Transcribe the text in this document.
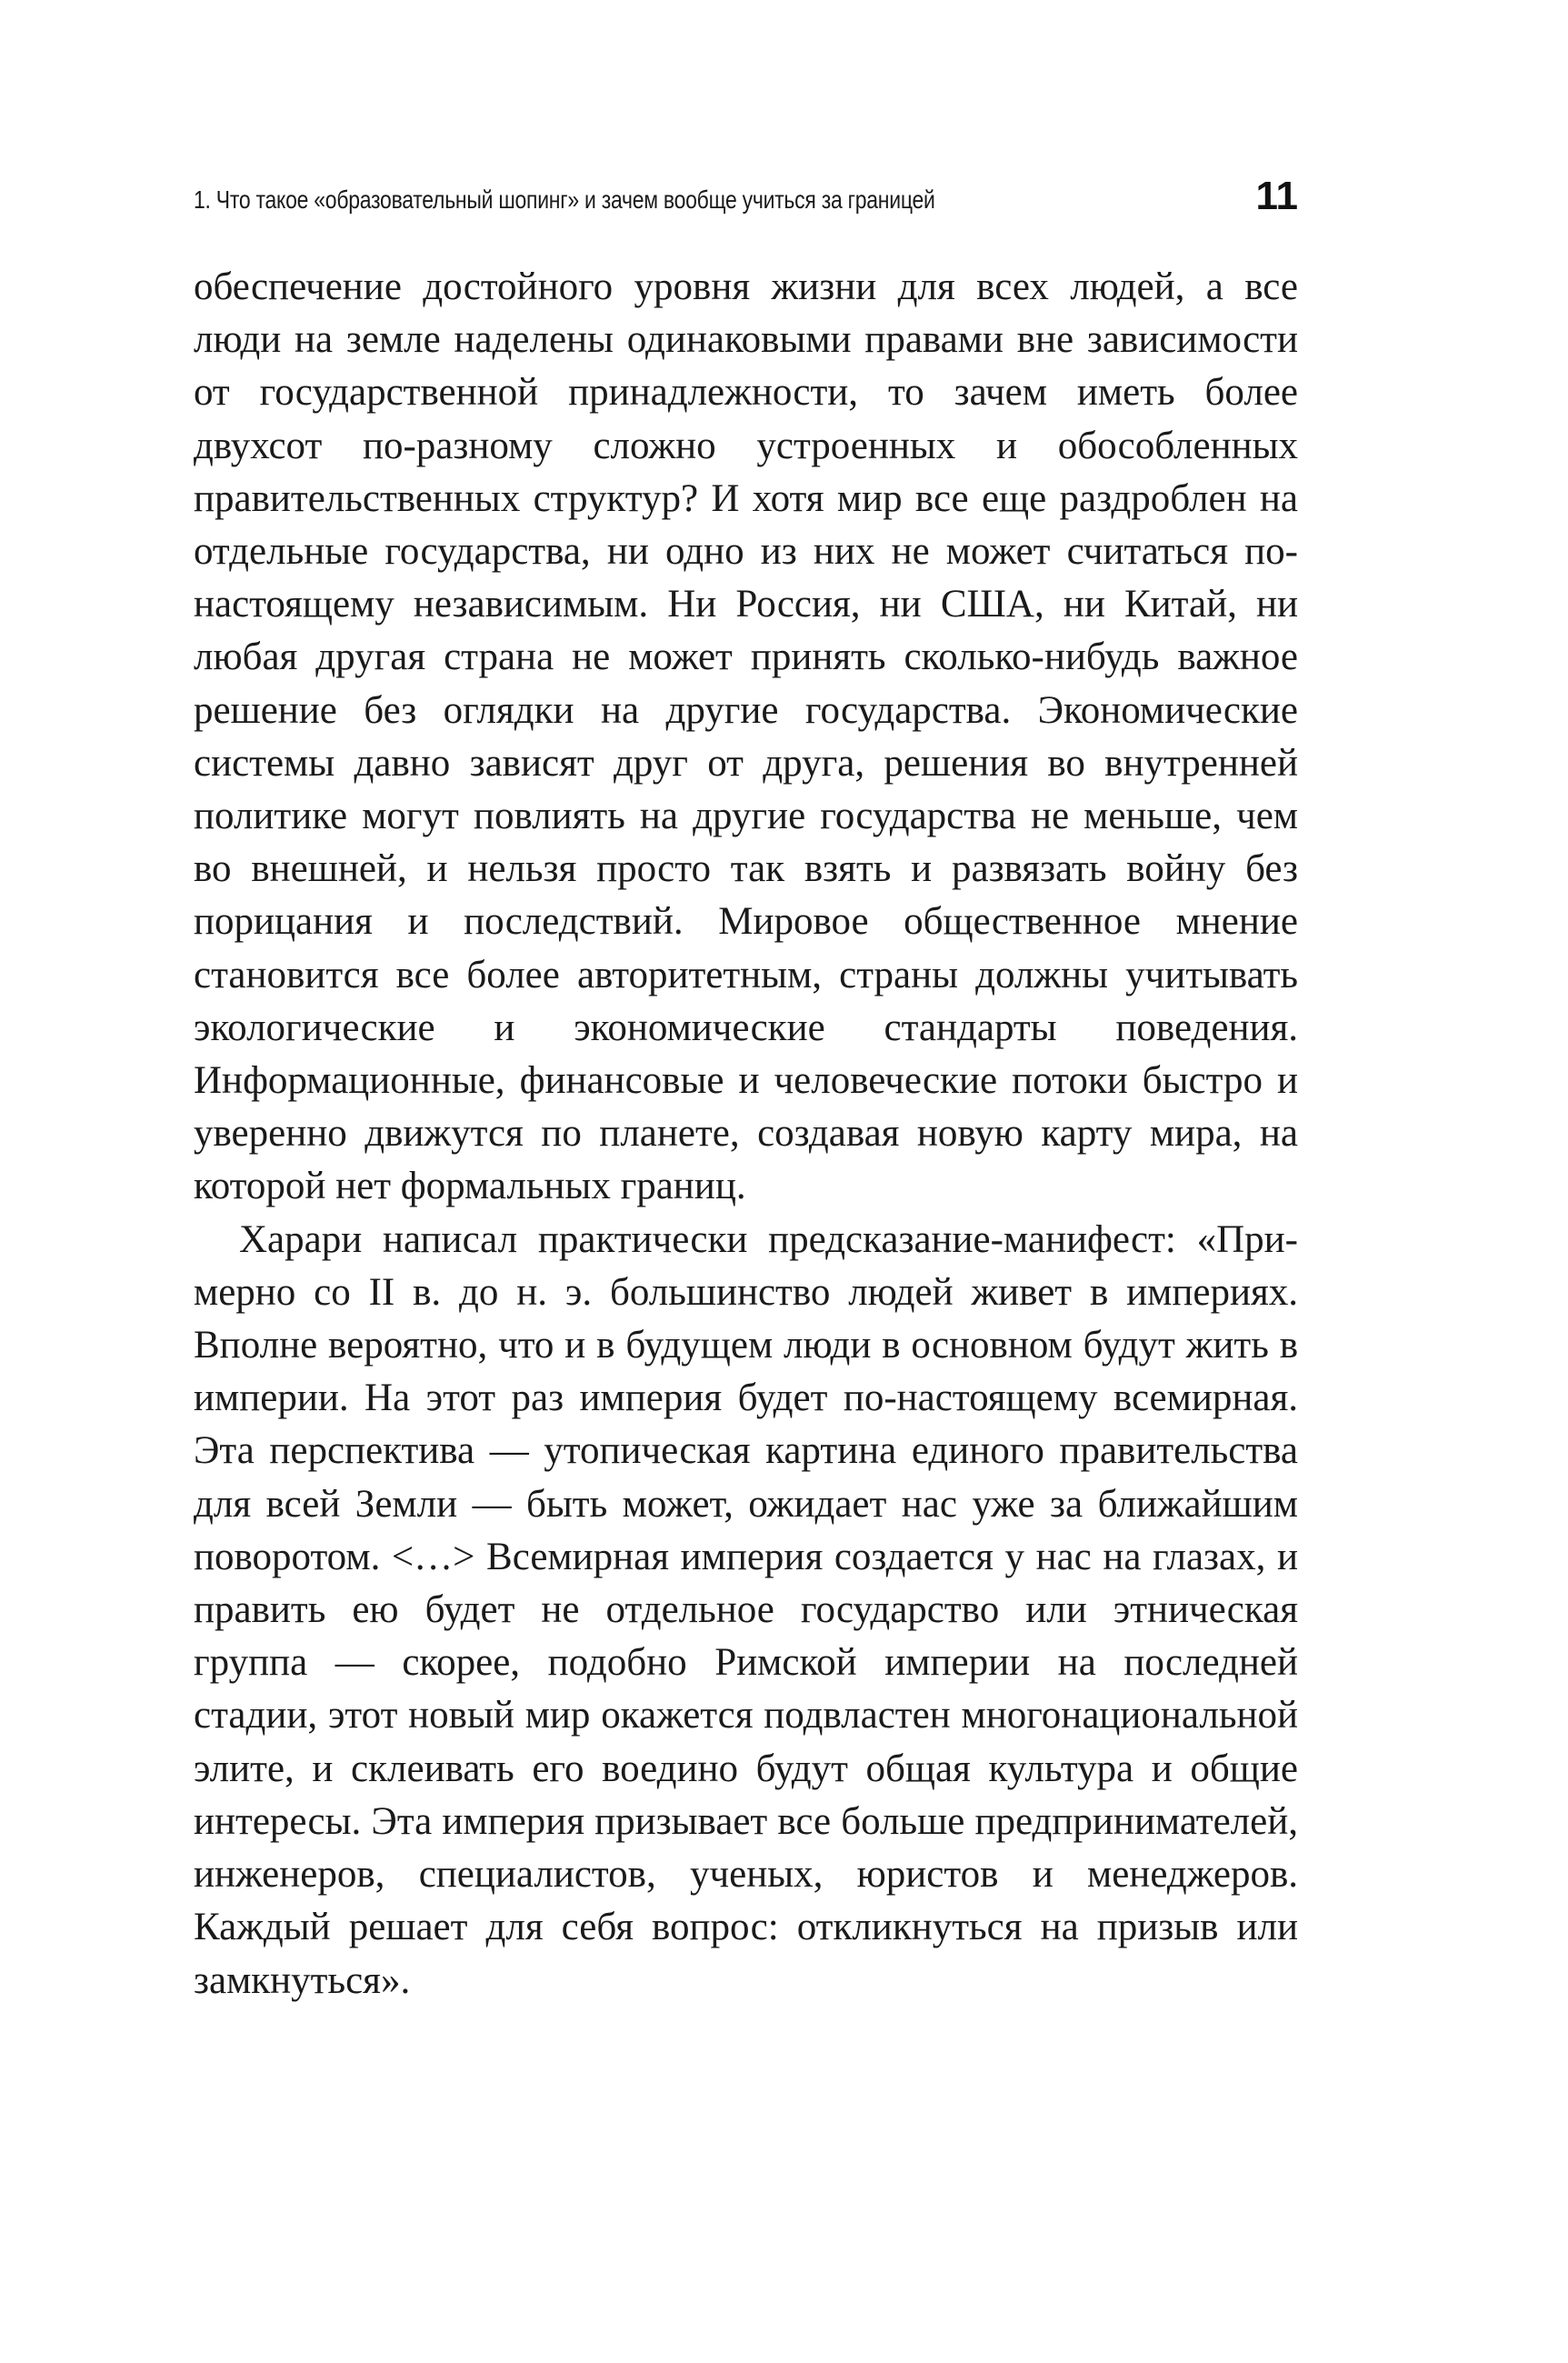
1. Что такое «образовательный шопинг» и зачем вообще учиться за границей	11

обеспечение достойного уровня жизни для всех людей, а все люди на земле наделены одинаковыми правами вне зависимости от государственной принадлежности, то зачем иметь более двухсот по-разному сложно устроенных и обособленных правительственных структур? И хотя мир все еще раздроблен на отдельные государства, ни одно из них не может считаться по-настоящему независимым. Ни Россия, ни США, ни Китай, ни любая другая страна не может принять сколько-нибудь важное решение без оглядки на другие государства. Экономические системы давно зависят друг от друга, решения во внутренней политике могут повлиять на другие государства не меньше, чем во внешней, и нельзя просто так взять и развязать войну без порицания и последствий. Мировое общественное мнение становится все более авторитетным, страны должны учитывать экологические и экономические стандарты поведения. Информационные, финансовые и человеческие потоки быстро и уверенно движутся по планете, создавая новую карту мира, на которой нет формальных границ.

Харари написал практически предсказание-манифест: «Примерно со II в. до н. э. большинство людей живет в империях. Вполне вероятно, что и в будущем люди в основном будут жить в империи. На этот раз империя будет по-настоящему всемирная. Эта перспектива — утопическая картина единого правительства для всей Земли — быть может, ожидает нас уже за ближайшим поворотом. <…> Всемирная империя создается у нас на глазах, и править ею будет не отдельное государство или этническая группа — скорее, подобно Римской империи на последней стадии, этот новый мир окажется подвластен многонациональной элите, и склеивать его воедино будут общая культура и общие интересы. Эта империя призывает все больше предпринимателей, инженеров, специалистов, ученых, юристов и менеджеров. Каждый решает для себя вопрос: откликнуться на призыв или замкнуться».
